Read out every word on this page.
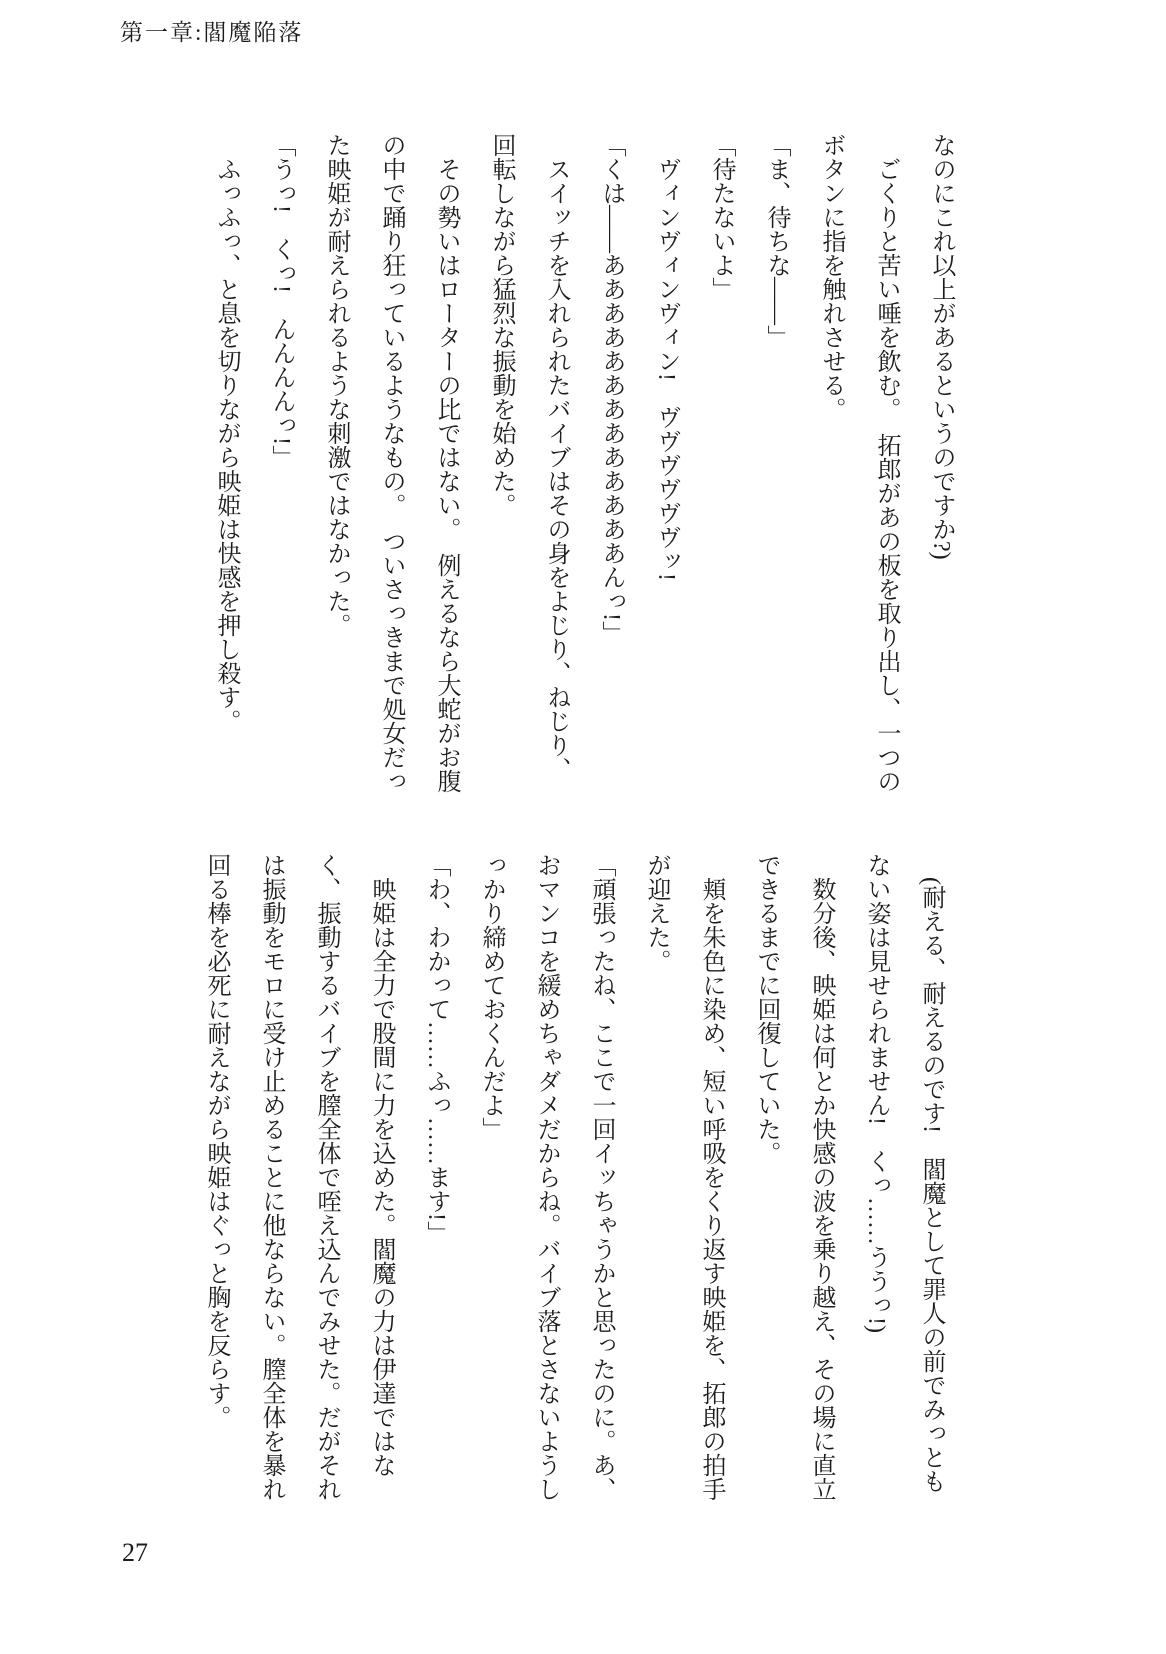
第一章:閻魔陥落

なのにこれ以上があるというのですか?)

　ごくりと苦い唾を飲む。　拓郎があの板を取り出し、一つの

ボタンに指を触れさせる。

「ま、待ちな――」

「待たないよ」

　ヴィンヴィンヴィン!　ヴヴヴヴヴヴッ!

「くは――あああああああああああああんっ!」

　スイッチを入れられたバイブはその身をよじり、ねじり、

回転しながら猛烈な振動を始めた。

　その勢いはローターの比ではない。　例えるなら大蛇がお腹

の中で踊り狂っているようなもの。　ついさっきまで処女だっ

た映姫が耐えられるような刺激ではなかった。

「うっ!　くっ!　んんんんっ!」

　ふっふっ、と息を切りながら映姫は快感を押し殺す。

　(耐える、耐えるのです!　閻魔として罪人の前でみっとも

ない姿は見せられません!　くっ……ううっ!)

　数分後、映姫は何とか快感の波を乗り越え、その場に直立

できるまでに回復していた。

　頬を朱色に染め、短い呼吸をくり返す映姫を、拓郎の拍手

が迎えた。

「頑張ったね、ここで一回イッちゃうかと思ったのに。あ、

おマンコを緩めちゃダメだからね。バイブ落とさないようし

っかり締めておくんだよ」

「わ、わかって……ふっ……ます!」

　映姫は全力で股間に力を込めた。閻魔の力は伊達ではな

く、振動するバイブを膣全体で咥え込んでみせた。だがそれ

は振動をモロに受け止めることに他ならない。膣全体を暴れ

回る棒を必死に耐えながら映姫はぐっと胸を反らす。

27
